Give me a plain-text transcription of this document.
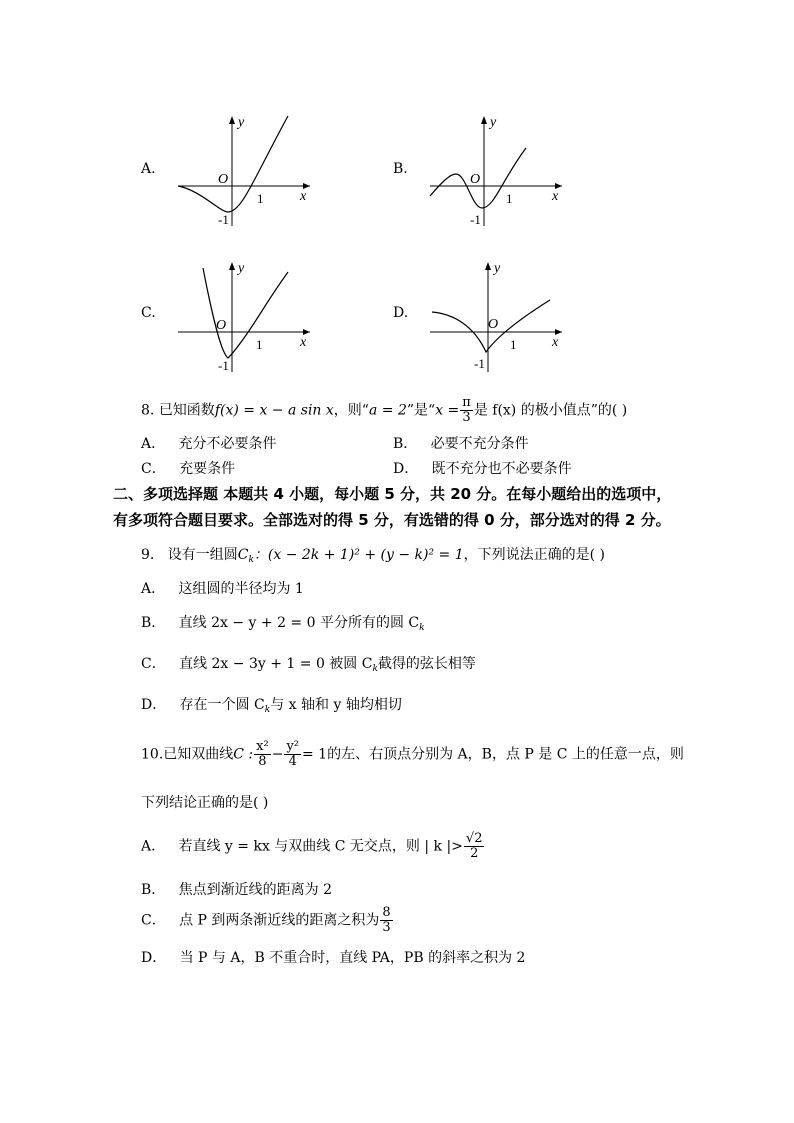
A.
y
x
O
1
-1
B.
y
x
O
1
-1
C.
y
x
O
1
-1
D.
y
x
O
1
-1
8. 已知函数f(x) = x − a sin x，则“a = 2”是“$x = \frac{\pi}{3}$ 是 f(x) 的极小值点”的( )
A． 充分不必要条件	B． 必要不充分条件
C． 充要条件	D． 既不充分也不必要条件
二、多项选择题 本题共 4 小题，每小题 5 分，共 20 分。在每小题给出的选项中，
有多项符合题目要求。全部选对的得 5 分，有选错的得 0 分，部分选对的得 2 分。
9. 设有一组圆$C_k$：(x − 2k + 1)² + (y − k)² = 1，下列说法正确的是( )
A． 这组圆的半径均为 1
B． 直线 2x − y + 2 = 0 平分所有的圆 $C_k$
C． 直线 2x − 3y + 1 = 0 被圆 $C_k$截得的弦长相等
D． 存在一个圆 $C_k$与 x 轴和 y 轴均相切
10.已知双曲线C : $\frac{\text{x²}}{8} - \frac{\text{y²}}{4} = 1$的左、右顶点分别为 A，B，点 P 是 C 上的任意一点，则
下列结论正确的是( )
A． 若直线 y = kx 与双曲线 C 无交点，则 | k |> $\frac{√2}{2}$
B． 焦点到渐近线的距离为 2
C． 点 P 到两条渐近线的距离之积为 $\frac{8}{3}$
D． 当 P 与 A，B 不重合时，直线 PA，PB 的斜率之积为 2
